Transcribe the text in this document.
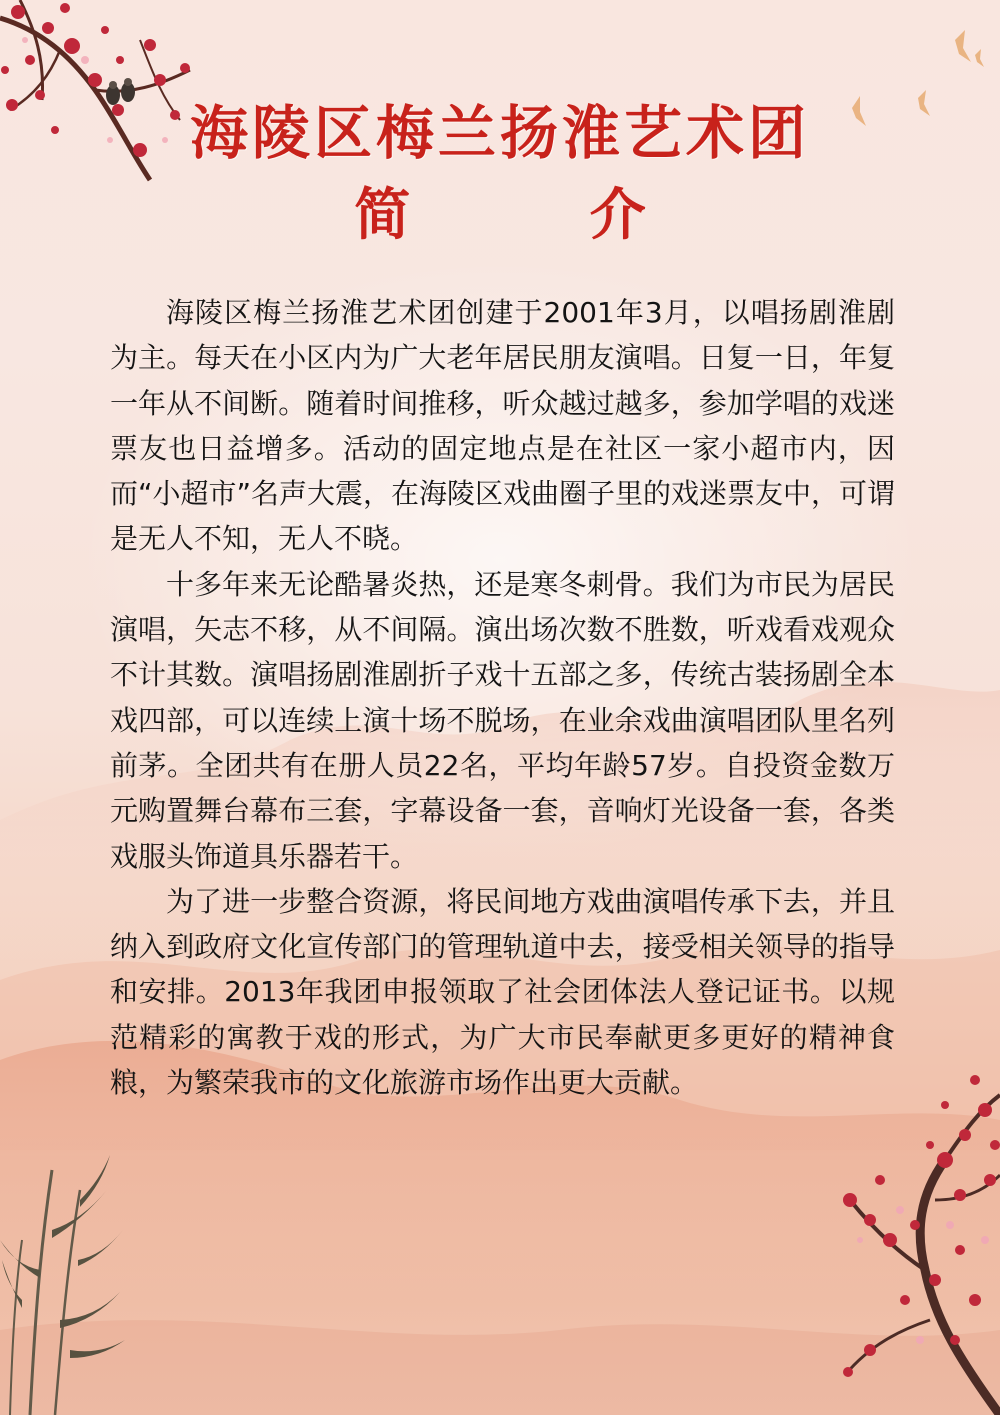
海陵区梅兰扬淮艺术团
简 介

海陵区梅兰扬淮艺术团创建于2001年3月，以唱扬剧淮剧为主。每天在小区内为广大老年居民朋友演唱。日复一日，年复一年从不间断。随着时间推移，听众越过越多，参加学唱的戏迷票友也日益增多。活动的固定地点是在社区一家小超市内，因而“小超市”名声大震，在海陵区戏曲圈子里的戏迷票友中，可谓是无人不知，无人不晓。

十多年来无论酷暑炎热，还是寒冬刺骨。我们为市民为居民演唱，矢志不移，从不间隔。演出场次数不胜数，听戏看戏观众不计其数。演唱扬剧淮剧折子戏十五部之多，传统古装扬剧全本戏四部，可以连续上演十场不脱场，在业余戏曲演唱团队里名列前茅。全团共有在册人员22名，平均年龄57岁。自投资金数万元购置舞台幕布三套，字幕设备一套，音响灯光设备一套，各类戏服头饰道具乐器若干。

为了进一步整合资源，将民间地方戏曲演唱传承下去，并且纳入到政府文化宣传部门的管理轨道中去，接受相关领导的指导和安排。2013年我团申报领取了社会团体法人登记证书。以规范精彩的寓教于戏的形式，为广大市民奉献更多更好的精神食粮，为繁荣我市的文化旅游市场作出更大贡献。
